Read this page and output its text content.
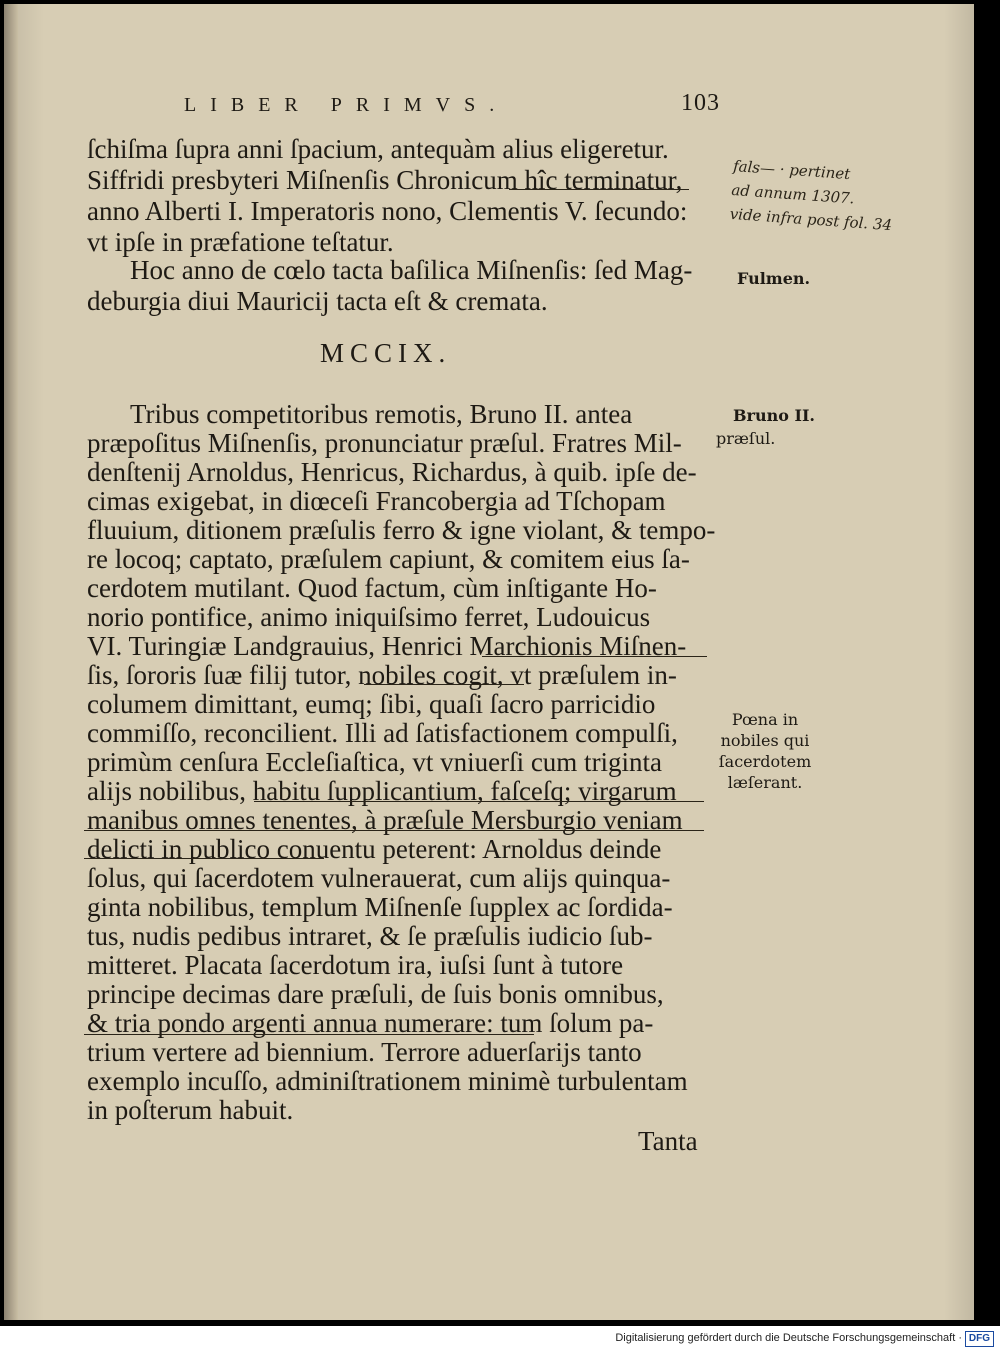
LIBER PRIMVS.	103
ſchiſma ſupra anni ſpacium, antequàm alius eligeretur.
Siffridi presbyteri Miſnenſis Chronicum hîc terminatur,
anno Alberti I. Imperatoris nono, Clementis V. ſecundo:
vt ipſe in præfatione teſtatur.
Hoc anno de cœlo tacta baſilica Miſnenſis: ſed Mag-
deburgia diui Mauricij tacta eſt & cremata.
MCCIX.
Tribus competitoribus remotis, Bruno II. antea
præpoſitus Miſnenſis, pronunciatur præſul. Fratres Mil-
denſtenij Arnoldus, Henricus, Richardus, à quib. ipſe de-
cimas exigebat, in diœceſi Francobergia ad Tſchopam
fluuium, ditionem præſulis ferro & igne violant, & tempo-
re locoq; captato, præſulem capiunt, & comitem eius ſa-
cerdotem mutilant. Quod factum, cùm inſtigante Ho-
norio pontifice, animo iniquiſsimo ferret, Ludouicus
VI. Turingiæ Landgrauius, Henrici Marchionis Miſnen-
ſis, ſororis ſuæ filij tutor, nobiles cogit, vt præſulem in-
columem dimittant, eumq; ſibi, quaſi ſacro parricidio
commiſſo, reconcilient. Illi ad ſatisfactionem compulſi,
primùm cenſura Eccleſiaſtica, vt vniuerſi cum triginta
alijs nobilibus, habitu ſupplicantium, faſceſq; virgarum
manibus omnes tenentes, à præſule Mersburgio veniam
delicti in publico conuentu peterent: Arnoldus deinde
ſolus, qui ſacerdotem vulnerauerat, cum alijs quinqua-
ginta nobilibus, templum Miſnenſe ſupplex ac ſordida-
tus, nudis pedibus intraret, & ſe præſulis iudicio ſub-
mitteret. Placata ſacerdotum ira, iuſsi ſunt à tutore
principe decimas dare præſuli, de ſuis bonis omnibus,
& tria pondo argenti annua numerare: tum ſolum pa-
trium vertere ad biennium. Terrore aduerſarijs tanto
exemplo incuſſo, adminiſtrationem minimè turbulentam
in poſterum habuit.
Tanta
fals— · pertinet
ad annum 1307.
vide infra post fol. 34
Fulmen.
Bruno II.
præſul.
Pœna in
nobiles qui
ſacerdotem
læſerant.
Digitalisierung gefördert durch die Deutsche Forschungsgemeinschaft · DFG
